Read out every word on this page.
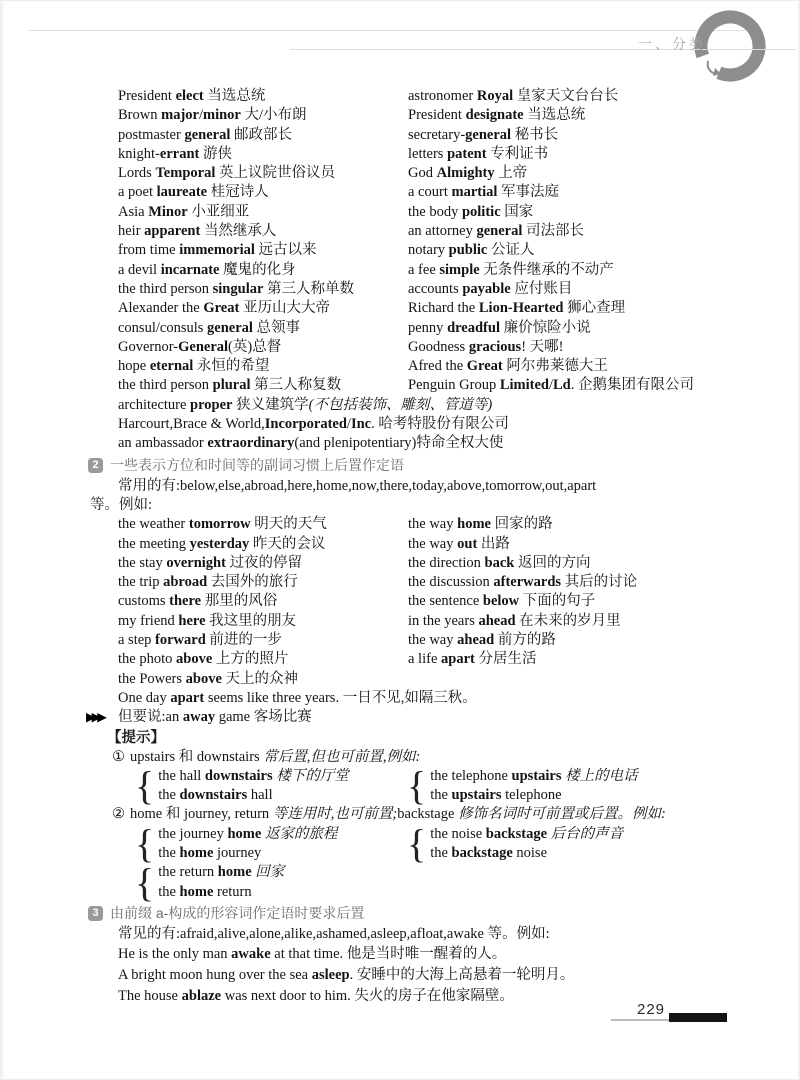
一、分类
President elect 当选总统	astronomer Royal 皇家天文台台长
Brown major/minor 大/小布朗	President designate 当选总统
postmaster general 邮政部长	secretary-general 秘书长
knight-errant 游侠	letters patent 专利证书
Lords Temporal 英上议院世俗议员	God Almighty 上帝
a poet laureate 桂冠诗人	a court martial 军事法庭
Asia Minor 小亚细亚	the body politic 国家
heir apparent 当然继承人	an attorney general 司法部长
from time immemorial 远古以来	notary public 公证人
a devil incarnate 魔鬼的化身	a fee simple 无条件继承的不动产
the third person singular 第三人称单数	accounts payable 应付账目
Alexander the Great 亚历山大大帝	Richard the Lion-Hearted 狮心查理
consul/consuls general 总领事	penny dreadful 廉价惊险小说
Governor-General(英)总督	Goodness gracious! 天哪!
hope eternal 永恒的希望	Afred the Great 阿尔弗莱德大王
the third person plural 第三人称复数	Penguin Group Limited/Ld. 企鹅集团有限公司
architecture proper 狭义建筑学(不包括装饰、雕刻、管道等)
Harcourt,Brace & World,Incorporated/Inc. 哈考特股份有限公司
an ambassador extraordinary(and plenipotentiary)特命全权大使
2 一些表示方位和时间等的副词习惯上后置作定语
常用的有:below,else,abroad,here,home,now,there,today,above,tomorrow,out,apart
等。例如:
the weather tomorrow 明天的天气	the way home 回家的路
the meeting yesterday 昨天的会议	the way out 出路
the stay overnight 过夜的停留	the direction back 返回的方向
the trip abroad 去国外的旅行	the discussion afterwards 其后的讨论
customs there 那里的风俗	the sentence below 下面的句子
my friend here 我这里的朋友	in the years ahead 在未来的岁月里
a step forward 前进的一步	the way ahead 前方的路
the photo above 上方的照片	a life apart 分居生活
the Powers above 天上的众神
One day apart seems like three years. 一日不见,如隔三秋。
▶▶▶	但要说:an away game 客场比赛
【提示】
① upstairs 和 downstairs 常后置,但也可前置,例如:
{
the hall downstairs 楼下的厅堂
the downstairs hall
{
the telephone upstairs 楼上的电话
the upstairs telephone
② home 和 journey, return 等连用时,也可前置;backstage 修饰名词时可前置或后置。例如:
{
the journey home 返家的旅程
the home journey
{
the noise backstage 后台的声音
the backstage noise
{
the return home 回家
the home return
3 由前缀 a-构成的形容词作定语时要求后置
常见的有:afraid,alive,alone,alike,ashamed,asleep,afloat,awake 等。例如:
He is the only man awake at that time. 他是当时唯一醒着的人。
A bright moon hung over the sea asleep. 安睡中的大海上高悬着一轮明月。
The house ablaze was next door to him. 失火的房子在他家隔壁。
229
